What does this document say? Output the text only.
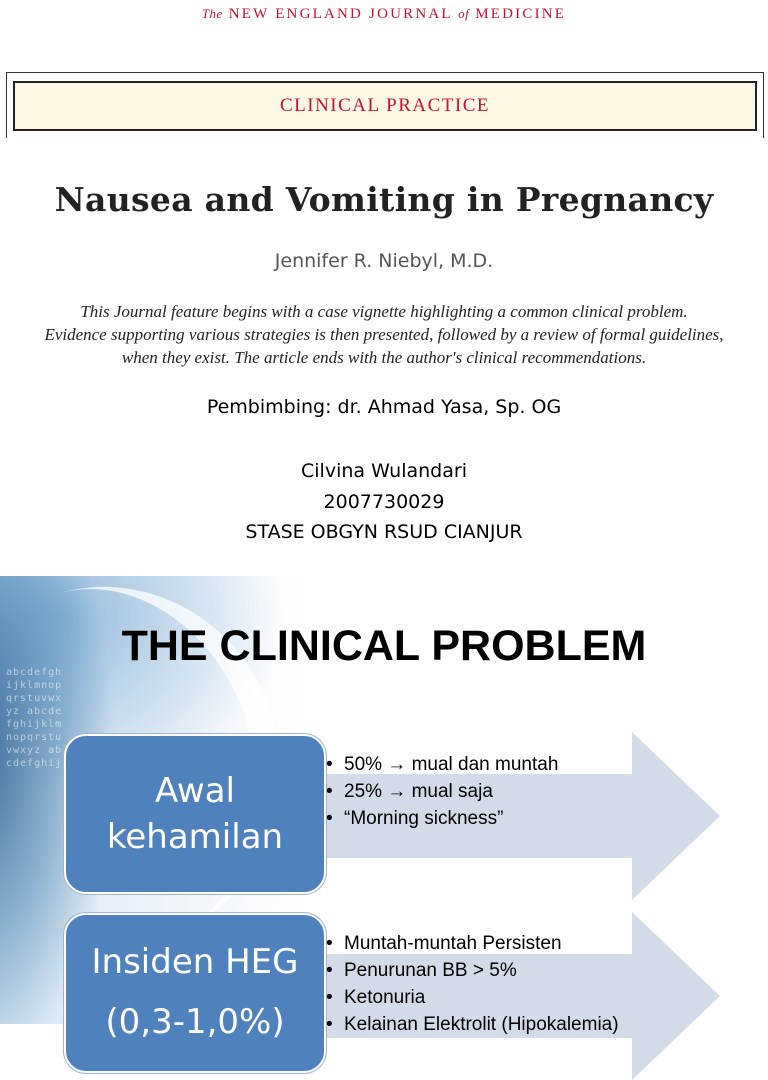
The NEW ENGLAND JOURNAL of MEDICINE
CLINICAL PRACTICE
Nausea and Vomiting in Pregnancy
Jennifer R. Niebyl, M.D.
This Journal feature begins with a case vignette highlighting a common clinical problem.
Evidence supporting various strategies is then presented, followed by a review of formal guidelines,
when they exist. The article ends with the author's clinical recommendations.
Pembimbing: dr. Ahmad Yasa, Sp. OG
Cilvina Wulandari
2007730029
STASE OBGYN RSUD CIANJUR
abcdefgh
ijklmnop
qrstuvwx
yz abcde
fghijklm
nopqrstu
vwxyz ab
cdefghij
THE CLINICAL PROBLEM
Awal
kehamilan
• 50% → mual dan muntah
• 25% → mual saja
• “Morning sickness”
Insiden HEG
(0,3-1,0%)
• Muntah-muntah Persisten
• Penurunan BB > 5%
• Ketonuria
• Kelainan Elektrolit (Hipokalemia)
